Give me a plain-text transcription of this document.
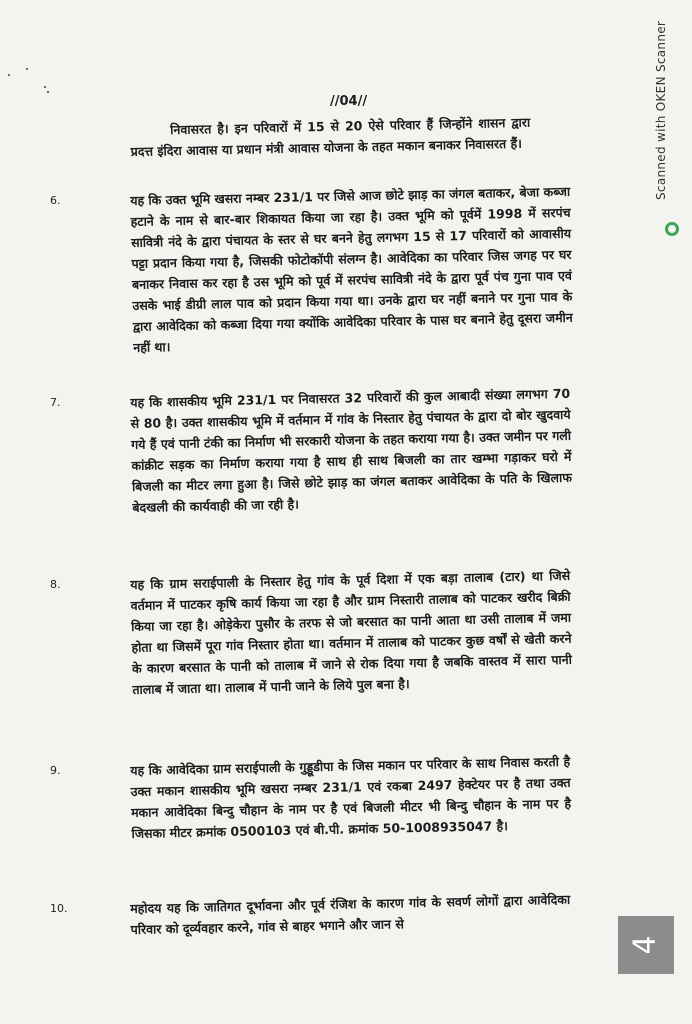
//04//
निवासरत है। इन परिवारों में 15 से 20 ऐसे परिवार हैं जिन्होंने शासन द्वारा प्रदत्त इंदिरा आवास या प्रधान मंत्री आवास योजना के तहत मकान बनाकर निवासरत हैं।
6.	यह कि उक्त भूमि खसरा नम्बर 231/1 पर जिसे आज छोटे झाड़ का जंगल बताकर, बेजा कब्जा हटाने के नाम से बार-बार शिकायत किया जा रहा है। उक्त भूमि को पूर्वमें 1998 में सरपंच सावित्री नंदे के द्वारा पंचायत के स्तर से घर बनने हेतु लगभग 15 से 17 परिवारों को आवासीय पट्टा प्रदान किया गया है, जिसकी फोटोकॉपी संलग्न है। आवेदिका का परिवार जिस जगह पर घर बनाकर निवास कर रहा है उस भूमि को पूर्व में सरपंच सावित्री नंदे के द्वारा पूर्व पंच गुना पाव एवं उसके भाई डीग्री लाल पाव को प्रदान किया गया था। उनके द्वारा घर नहीं बनाने पर गुना पाव के द्वारा आवेदिका को कब्जा दिया गया क्योंकि आवेदिका परिवार के पास घर बनाने हेतु दूसरा जमीन नहीं था।
7.	यह कि शासकीय भूमि 231/1 पर निवासरत 32 परिवारों की कुल आबादी संख्या लगभग 70 से 80 है। उक्त शासकीय भूमि में वर्तमान में गांव के निस्तार हेतु पंचायत के द्वारा दो बोर खुदवाये गये हैं एवं पानी टंकी का निर्माण भी सरकारी योजना के तहत कराया गया है। उक्त जमीन पर गली कांक्रीट सड़क का निर्माण कराया गया है साथ ही साथ बिजली का तार खम्भा गड़ाकर घरो में बिजली का मीटर लगा हुआ है। जिसे छोटे झाड़ का जंगल बताकर आवेदिका के पति के खिलाफ बेदखली की कार्यवाही की जा रही है।
8.	यह कि ग्राम सराईपाली के निस्तार हेतु गांव के पूर्व दिशा में एक बड़ा तालाब (टार) था जिसे वर्तमान में पाटकर कृषि कार्य किया जा रहा है और ग्राम निस्तारी तालाब को पाटकर खरीद बिक्री किया जा रहा है। ओड़ेकेरा पुसौर के तरफ से जो बरसात का पानी आता था उसी तालाब में जमा होता था जिसमें पूरा गांव निस्तार होता था। वर्तमान में तालाब को पाटकर कुछ वर्षों से खेती करने के कारण बरसात के पानी को तालाब में जाने से रोक दिया गया है जबकि वास्तव में सारा पानी तालाब में जाता था। तालाब में पानी जाने के लिये पुल बना है।
9.	यह कि आवेदिका ग्राम सराईपाली के गुड्डूडीपा के जिस मकान पर परिवार के साथ निवास करती है उक्त मकान शासकीय भूमि खसरा नम्बर 231/1 एवं रकबा 2497 हेक्टेयर पर है तथा उक्त मकान आवेदिका बिन्दु चौहान के नाम पर है एवं बिजली मीटर भी बिन्दु चौहान के नाम पर है जिसका मीटर क्रमांक 0500103 एवं बी.पी. क्रमांक 50-1008935047 है।
10.	महोदय यह कि जातिगत दूर्भावना और पूर्व रंजिश के कारण गांव के सवर्ण लोगों द्वारा आवेदिका परिवार को दूर्व्यवहार करने, गांव से बाहर भगाने और जान से
Scanned with OKEN Scanner
4
